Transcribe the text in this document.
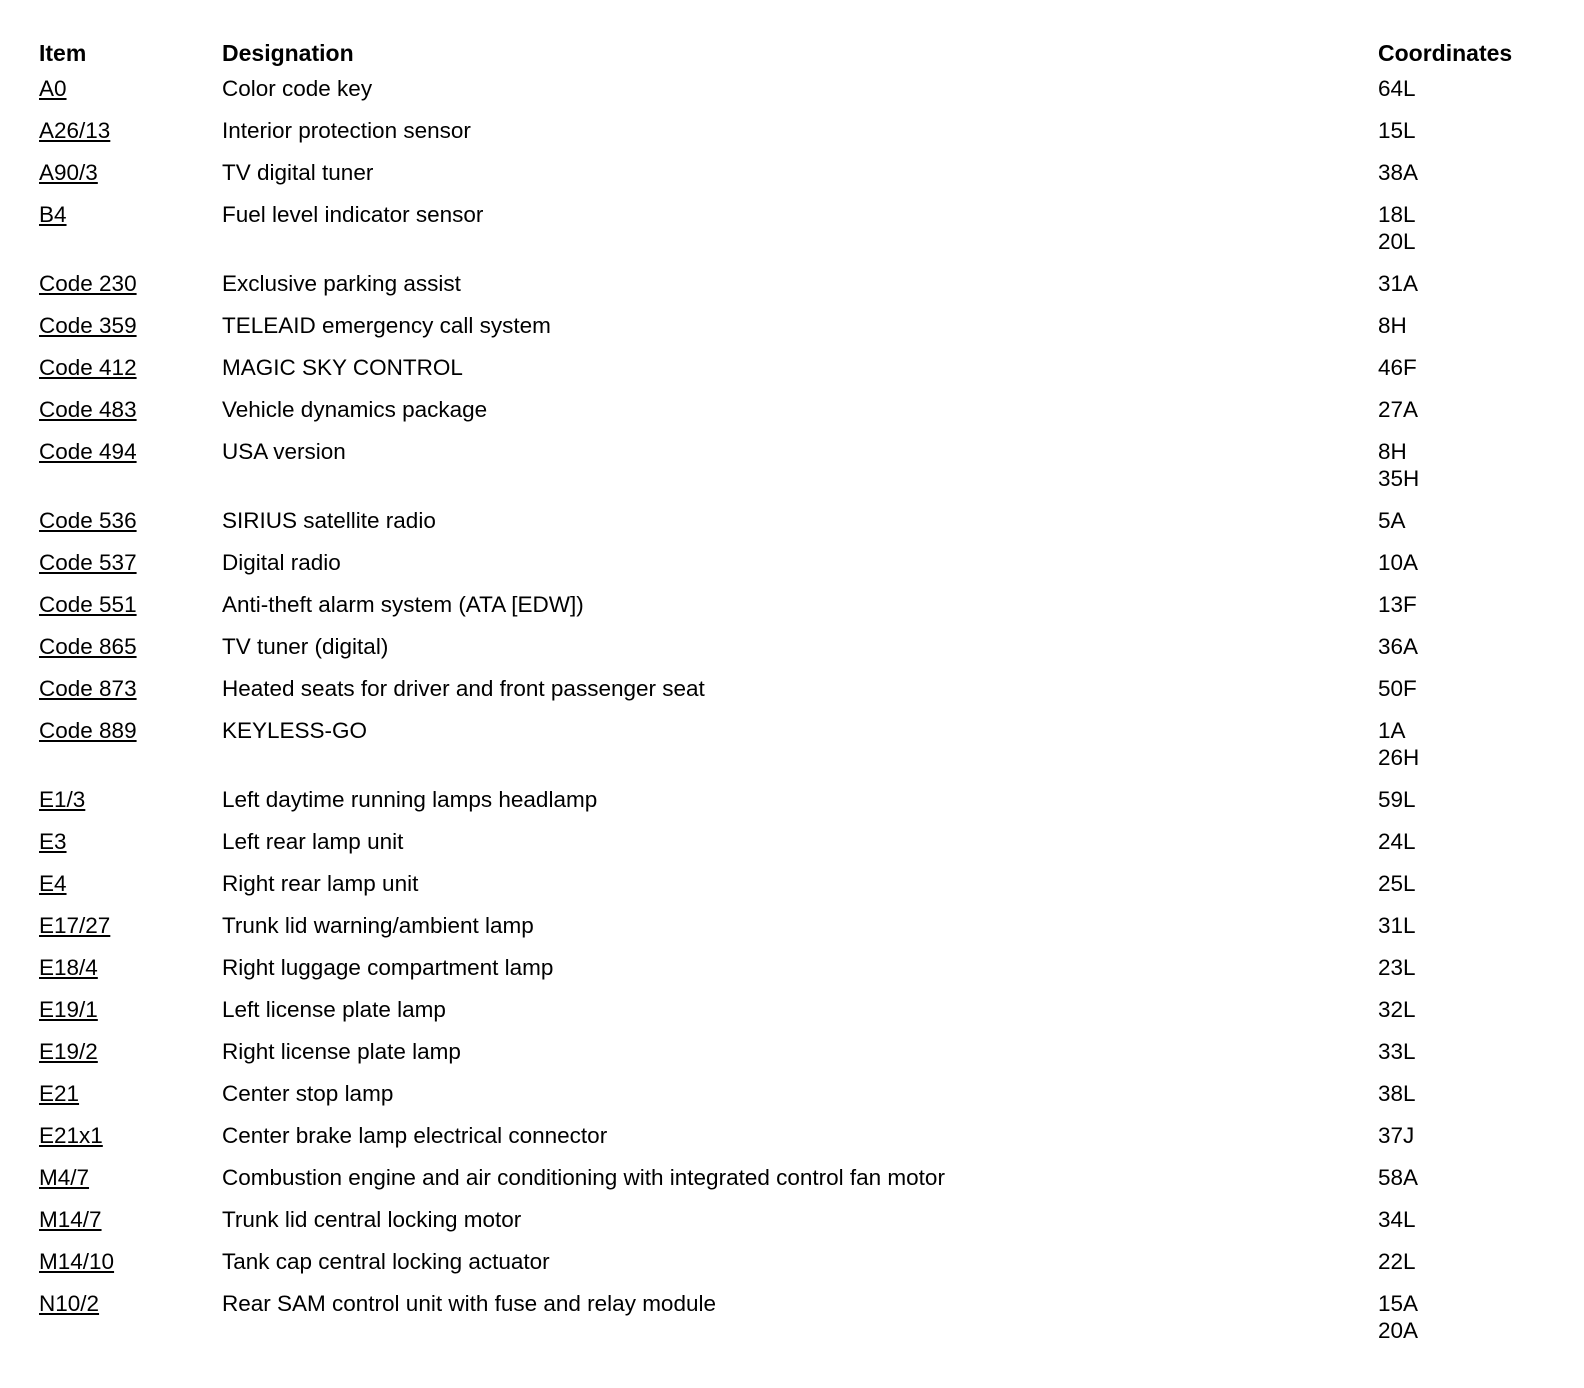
Item	Designation	Coordinates
A0	Color code key	64L

A26/13	Interior protection sensor	15L

A90/3	TV digital tuner	38A

B4	Fuel level indicator sensor	18L
20L

Code 230	Exclusive parking assist	31A

Code 359	TELEAID emergency call system	8H

Code 412	MAGIC SKY CONTROL	46F

Code 483	Vehicle dynamics package	27A

Code 494	USA version	8H
35H

Code 536	SIRIUS satellite radio	5A

Code 537	Digital radio	10A

Code 551	Anti-theft alarm system (ATA [EDW])	13F

Code 865	TV tuner (digital)	36A

Code 873	Heated seats for driver and front passenger seat	50F

Code 889	KEYLESS-GO	1A
26H

E1/3	Left daytime running lamps headlamp	59L

E3	Left rear lamp unit	24L

E4	Right rear lamp unit	25L

E17/27	Trunk lid warning/ambient lamp	31L

E18/4	Right luggage compartment lamp	23L

E19/1	Left license plate lamp	32L

E19/2	Right license plate lamp	33L

E21	Center stop lamp	38L

E21x1	Center brake lamp electrical connector	37J

M4/7	Combustion engine and air conditioning with integrated control fan motor	58A

M14/7	Trunk lid central locking motor	34L

M14/10	Tank cap central locking actuator	22L

N10/2	Rear SAM control unit with fuse and relay module	15A
20A
